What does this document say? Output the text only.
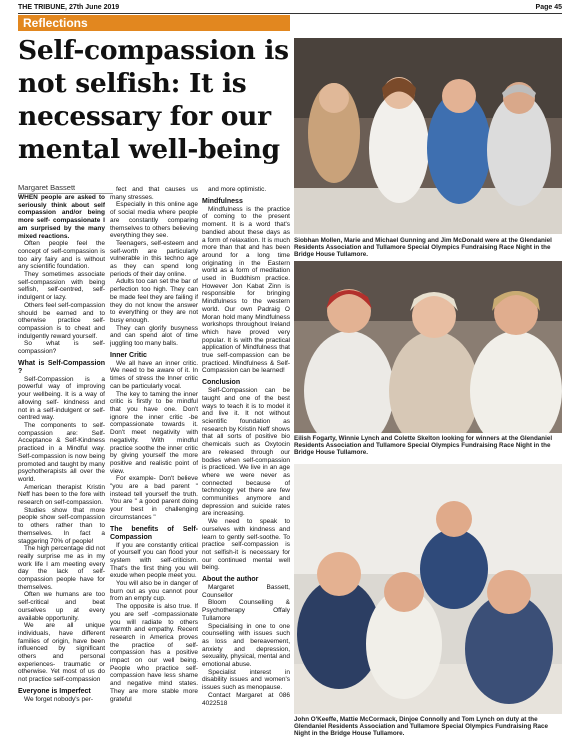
THE TRIBUNE, 27th June 2019	Page 45
Reflections
Self-compassion is not selfish: It is necessary for our mental well-being
Margaret Bassett

WHEN people are asked to seriously think about self compassion and/or being more self- compassionate I am surprised by the many mixed reactions.

Often people feel the concept of self-compassion is too airy fairy and is without any scientific foundation.

They sometimes associate self-compassion with being selfish, self-centred, self-indulgent or lazy.

Others feel self-compassion should be earned and to otherwise practice self-compassion is to cheat and indulgently reward yourself.

So what is self-compassion?

What is Self-Compassion ?

Self-Compassion is a powerful way of improving your wellbeing. It is a way of allowing self- kindness and not in a self-indulgent or self-centred way.

The components to self-compassion are: Self-Acceptance & Self-Kindness practiced in a Mindful way. Self-compassion is now being promoted and taught by many psychotherapists all over the world.

American therapist Kristin Neff has been to the fore with research on self-compassion.

Studies show that more people show self-compassion to others rather than to themselves. In fact a staggering 70% of people!

The high percentage did not really surprise me as in my work life I am meeting every day the lack of self-compassion people have for themselves.

Often we humans are too self-critical and beat ourselves up at every available opportunity.

We are all unique individuals, have different families of origin, have been influenced by significant others and personal experiences- traumatic or otherwise. Yet most of us do not practice self-compassion

Everyone is Imperfect

We forget nobody's per-

fect and that causes us many stresses.

Especially in this online age of social media where people are constantly comparing themselves to others believing everything they see.

Teenagers, self-esteem and self-worth are particularly vulnerable in this techno age as they can spend long periods of their day online.

Adults too can set the bar of perfection too high. They can be made feel they are failing if they do not know the answer to everything or they are not busy enough.

They can glorify busyness and can spend alot of time juggling too many balls.

Inner Critic

We all have an inner critic. We need to be aware of it. In times of stress the Inner critic can be particularly vocal.

The key to taming the inner critic is firstly to be mindful that you have one. Don't ignore the inner critic -be compassionate towards it. Don't meet negativity with negativity. With mindful practice soothe the inner critic by giving yourself the more positive and realistic point of view.

For example- Don't believe "you are a bad parent " instead tell yourself the truth. You are " a good parent doing your best in challenging circumstances "

The benefits of Self-Compassion

If you are constantly critical of yourself you can flood your system with self-criticism. That's the first thing you will exude when people meet you.

You will also be in danger of burn out as you cannot pour from an empty cup.

The opposite is also true. If you are self -compassionate you will radiate to others warmth and empathy. Recent research in America proves the practice of self-compassion has a positive impact on our well being. People who practice self-compassion have less shame and negative mind states. They are more stable more grateful

and more optimistic.

Mindfulness

Mindfulness is the practice of coming to the present moment. It is a word that's bandied about these days as a form of relaxation. It is much more than that and has been around for a long time originating in the Eastern world as a form of meditation used in Buddhism practice. However Jon Kabat Zinn is responsible for bringing Mindfulness to the western world. Our own Padraig O Moran hold many Mindfulness workshops throughout Ireland which have proved very popular. It is with the practical application of Mindfulness that true self-compassion can be practiced. Mindfulness & Self-Compassion can be learned!

Conclusion

Self-Compassion can be taught and one of the best ways to teach it is to model it and live it. It not without scientific foundation as research by Kristin Neff shows that all sorts of positive bio chemicals such as Oxytocin are released through our bodies when self-compassion is practiced. We live in an age where we were never as connected because of technology yet there are few communities anymore and depression and suicide rates are increasing.

We need to speak to ourselves with kindness and learn to gently self-soothe. To practice self-compassion is not selfish-it is necessary for our continued mental well being.

About the author

Margaret Bassett, Counsellor

Bloom Counselling & Psychotherapy Offaly Tullamore

Specialising in one to one counselling with issues such as loss and bereavement, anxiety and depression, sexuality, physical, mental and emotional abuse.

Specialist interest in disability issues and women's issues such as menopause.

Contact Margaret at 086 4022518

Siobhan Mollen, Marie and Michael Gunning and Jim McDonald were at the Glendaniel Residents Association and Tullamore Special Olympics Fundraising Race Night in the Bridge House Tullamore.

Eilish Fogarty, Winnie Lynch and Colette Skelton looking for winners at the Glendaniel Residents Association and Tullamore Special Olympics Fundraising Race Night in the Bridge House Tullamore.

John O'Keeffe, Mattie McCormack, Dinjoe Connolly and Tom Lynch on duty at the Glendaniel Residents Association and Tullamore Special Olympics Fundraising Race Night in the Bridge House Tullamore.
